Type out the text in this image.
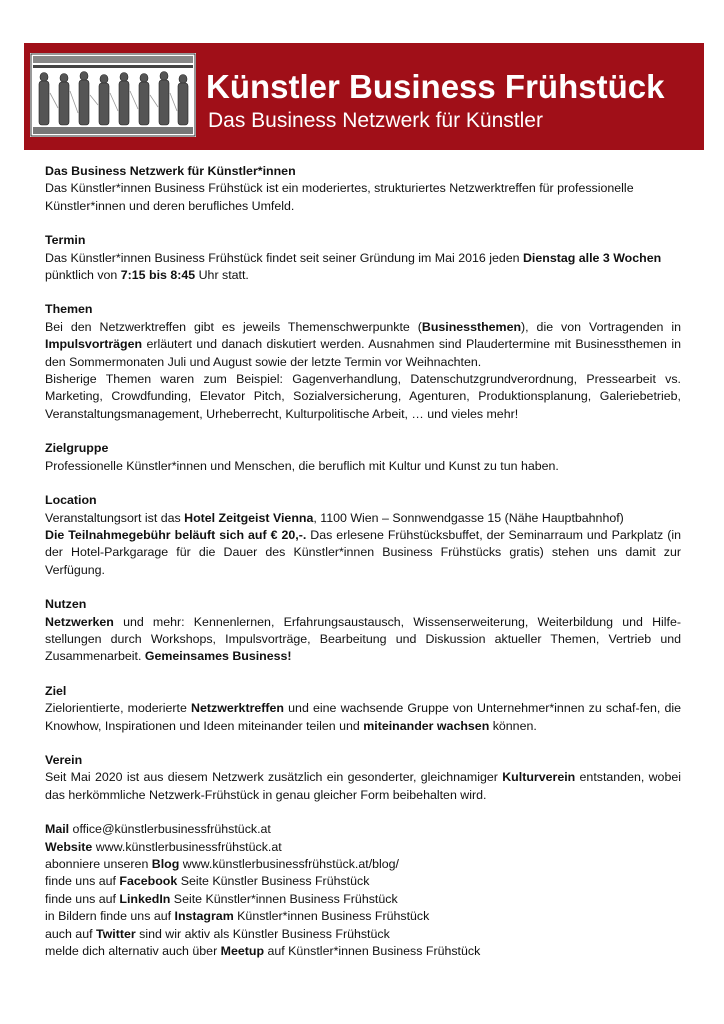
Künstler Business Frühstück
Das Business Netzwerk für Künstler
Das Business Netzwerk für Künstler*innen

Das Künstler*innen Business Frühstück ist ein moderiertes, strukturiertes Netzwerktreffen für professionelle Künstler*innen und deren berufliches Umfeld.

Termin

Das Künstler*innen Business Frühstück findet seit seiner Gründung im Mai 2016 jeden Dienstag alle 3 Wochen pünktlich von 7:15 bis 8:45 Uhr statt.

Themen

Bei den Netzwerktreffen gibt es jeweils Themenschwerpunkte (Businessthemen), die von Vortragenden in Impulsvorträgen erläutert und danach diskutiert werden. Ausnahmen sind Plaudertermine mit Businessthemen in den Sommermonaten Juli und August sowie der letzte Termin vor Weihnachten.

Bisherige Themen waren zum Beispiel: Gagenverhandlung, Datenschutzgrundverordnung, Pressearbeit vs. Marketing, Crowdfunding, Elevator Pitch, Sozialversicherung, Agenturen, Produktionsplanung, Galeriebetrieb, Veranstaltungsmanagement, Urheberrecht, Kulturpolitische Arbeit, … und vieles mehr!

Zielgruppe

Professionelle Künstler*innen und Menschen, die beruflich mit Kultur und Kunst zu tun haben.

Location

Veranstaltungsort ist das Hotel Zeitgeist Vienna, 1100 Wien – Sonnwendgasse 15 (Nähe Hauptbahnhof)

Die Teilnahmegebühr beläuft sich auf € 20,-. Das erlesene Frühstücksbuffet, der Seminarraum und Parkplatz (in der Hotel-Parkgarage für die Dauer des Künstler*innen Business Frühstücks gratis) stehen uns damit zur Verfügung.

Nutzen

Netzwerken und mehr: Kennenlernen, Erfahrungsaustausch, Wissenserweiterung, Weiterbildung und Hilfe-stellungen durch Workshops, Impulsvorträge, Bearbeitung und Diskussion aktueller Themen, Vertrieb und Zusammenarbeit. Gemeinsames Business!

Ziel

Zielorientierte, moderierte Netzwerktreffen und eine wachsende Gruppe von Unternehmer*innen zu schaf-fen, die Knowhow, Inspirationen und Ideen miteinander teilen und miteinander wachsen können.

Verein

Seit Mai 2020 ist aus diesem Netzwerk zusätzlich ein gesonderter, gleichnamiger Kulturverein entstanden, wobei das herkömmliche Netzwerk-Frühstück in genau gleicher Form beibehalten wird.

Mail office@künstlerbusinessfrühstück.at

Website www.künstlerbusinessfrühstück.at

abonniere unseren Blog www.künstlerbusinessfrühstück.at/blog/

finde uns auf Facebook Seite Künstler Business Frühstück

finde uns auf LinkedIn Seite Künstler*innen Business Frühstück

in Bildern finde uns auf Instagram Künstler*innen Business Frühstück

auch auf Twitter sind wir aktiv als Künstler Business Frühstück

melde dich alternativ auch über Meetup auf Künstler*innen Business Frühstück
